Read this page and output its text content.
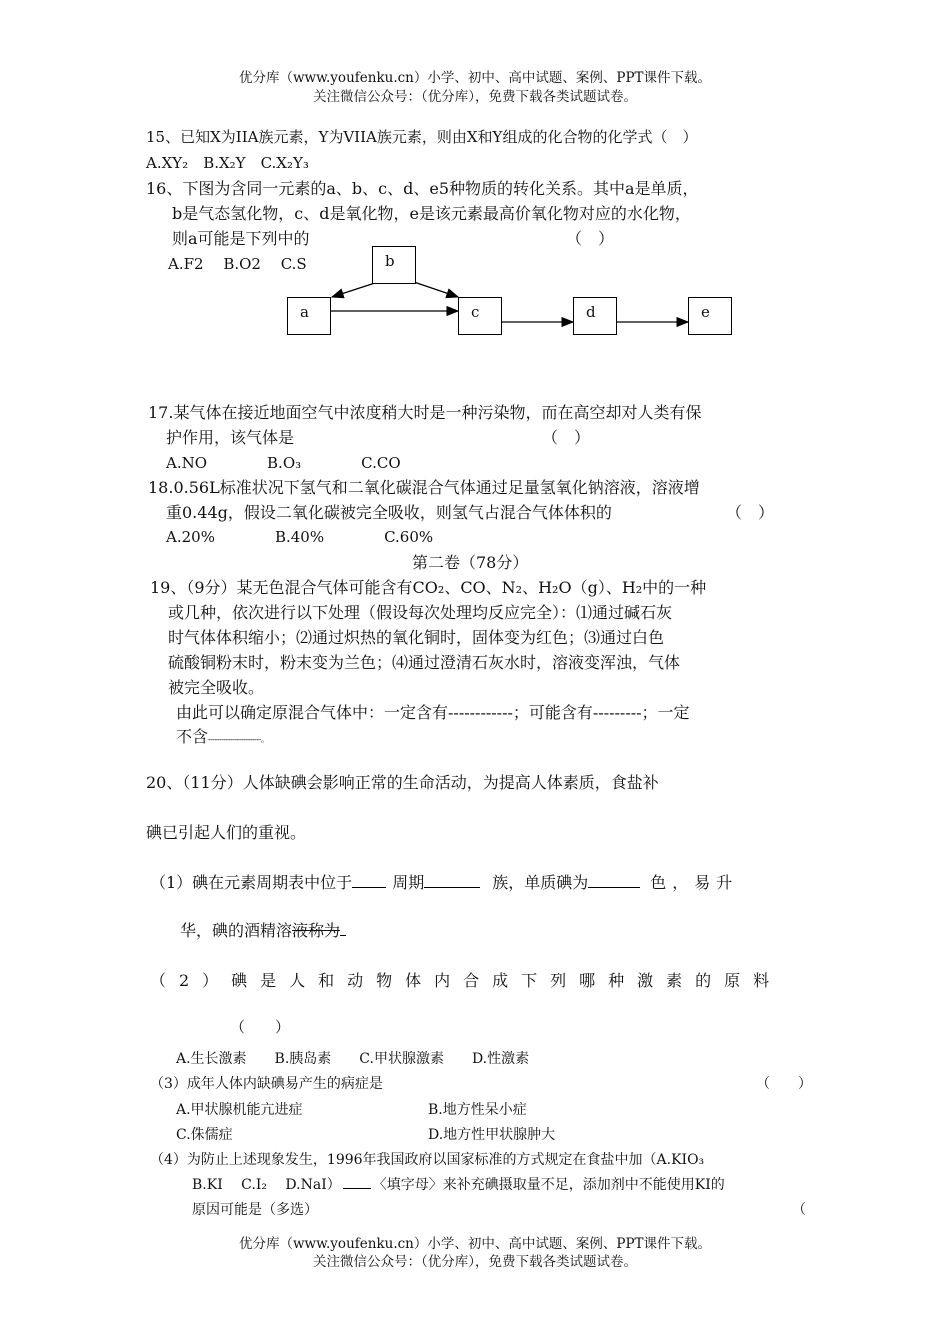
优分库（www.youfenku.cn）小学、初中、高中试题、案例、PPT课件下载。
关注微信公众号：（优分库），免费下载各类试题试卷。
15、已知X为IIA族元素，Y为VIIA族元素，则由X和Y组成的化合物的化学式（　）
A.XY₂　B.X₂Y　C.X₂Y₃
16、下图为含同一元素的a、b、c、d、e5种物质的转化关系。其中a是单质，
b是气态氢化物，c、d是氧化物，e是该元素最高价氧化物对应的水化物，
则a可能是下列中的	（　）
A.F2　 B.O2　 C.S	b
a	c	d	e
17.某气体在接近地面空气中浓度稍大时是一种污染物，而在高空却对人类有保
护作用，该气体是	（　）
A.NO　　　　B.O₃　　　　C.CO
18.0.56L标准状况下氢气和二氧化碳混合气体通过足量氢氧化钠溶液，溶液增
重0.44g，假设二氧化碳被完全吸收，则氢气占混合气体体积的	（　）
A.20%　　　　B.40%　　　　C.60%
第二卷（78分）
19、（9分）某无色混合气体可能含有CO₂、CO、N₂、H₂O（g）、H₂中的一种
或几种，依次进行以下处理（假设每次处理均反应完全）：⑴通过碱石灰
时气体体积缩小；⑵通过炽热的氧化铜时，固体变为红色；⑶通过白色
硫酸铜粉末时，粉末变为兰色；⑷通过澄清石灰水时，溶液变浑浊，气体
被完全吸收。
由此可以确定原混合气体中：一定含有------------；可能含有---------；一定
不含------------------------。
20、（11分）人体缺碘会影响正常的生命活动，为提高人体素质，食盐补
碘已引起人们的重视。
（1）碘在元素周期表中位于	周期	族，单质碘为	色，易升
华，碘的酒精溶液称为
（2）碘是人和动物体内合成下列哪种激素的原料
（　　）
A.生长激素　　B.胰岛素　　C.甲状腺激素　　D.性激素
（3）成年人体内缺碘易产生的病症是	（　　）
A.甲状腺机能亢进症	B.地方性呆小症
C.侏儒症	D.地方性甲状腺肿大
（4）为防止上述现象发生，1996年我国政府以国家标准的方式规定在食盐中加（A.KIO₃
B.KI　 C.I₂　 D.NaI） 〈填字母〉来补充碘摄取量不足，添加剂中不能使用KI的
原因可能是（多选）	（
优分库（www.youfenku.cn）小学、初中、高中试题、案例、PPT课件下载。
关注微信公众号：（优分库），免费下载各类试题试卷。
